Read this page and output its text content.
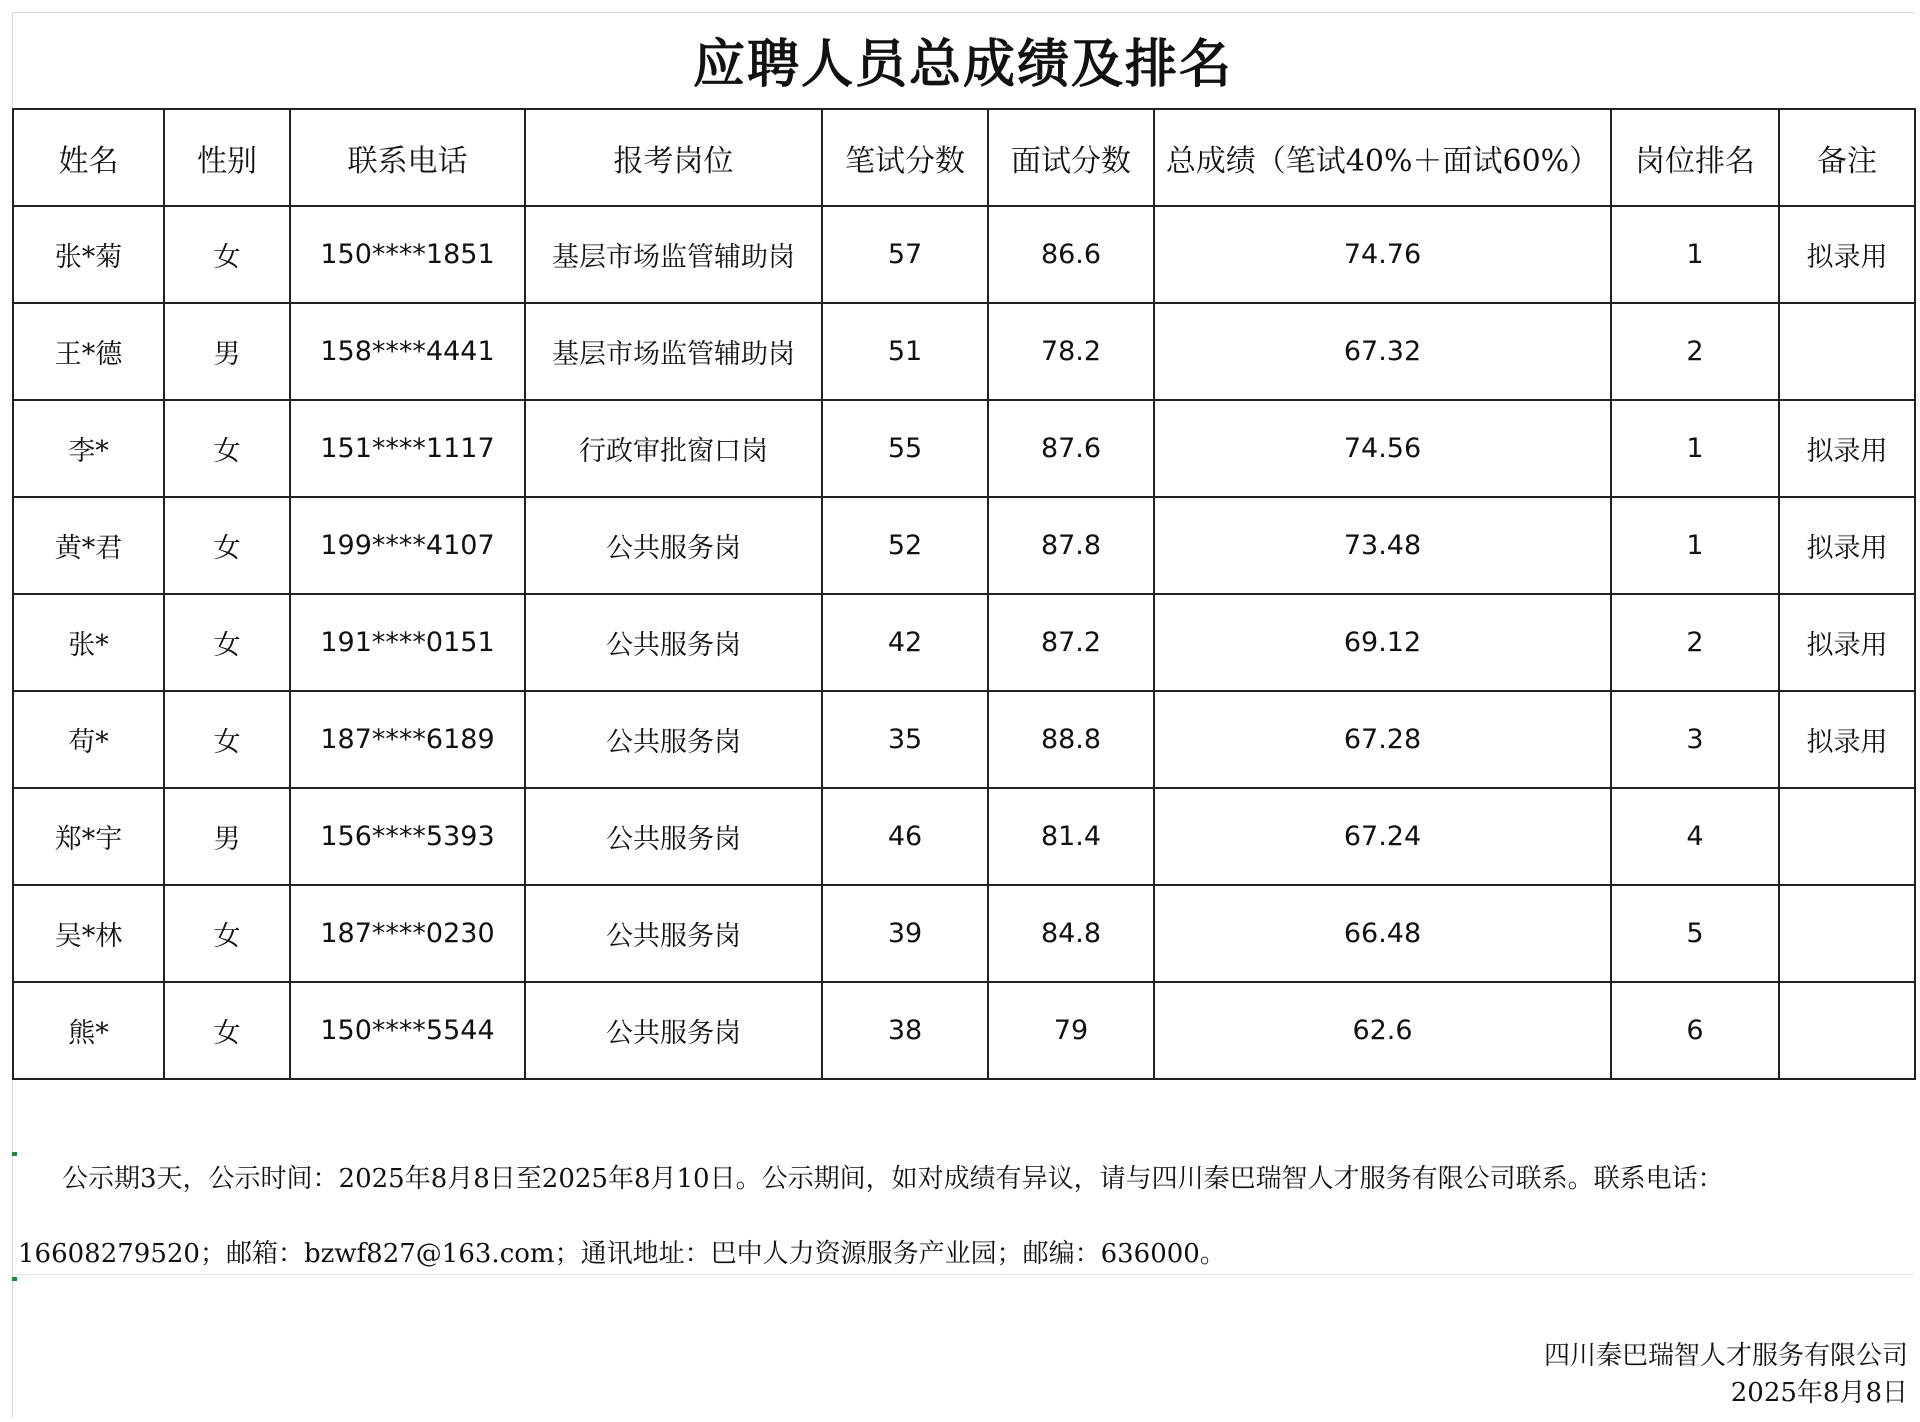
应聘人员总成绩及排名
姓名	性别	联系电话	报考岗位	笔试分数	面试分数	总成绩（笔试40%＋面试60%）	岗位排名	备注
张*菊	女	150****1851	基层市场监管辅助岗	57	86.6	74.76	1	拟录用
王*德	男	158****4441	基层市场监管辅助岗	51	78.2	67.32	2	
李*	女	151****1117	行政审批窗口岗	55	87.6	74.56	1	拟录用
黄*君	女	199****4107	公共服务岗	52	87.8	73.48	1	拟录用
张*	女	191****0151	公共服务岗	42	87.2	69.12	2	拟录用
苟*	女	187****6189	公共服务岗	35	88.8	67.28	3	拟录用
郑*宇	男	156****5393	公共服务岗	46	81.4	67.24	4	
吴*林	女	187****0230	公共服务岗	39	84.8	66.48	5	
熊*	女	150****5544	公共服务岗	38	79	62.6	6	
公示期3天，公示时间：2025年8月8日至2025年8月10日。公示期间，如对成绩有异议，请与四川秦巴瑞智人才服务有限公司联系。联系电话：
16608279520；邮箱：bzwf827@163.com；通讯地址：巴中人力资源服务产业园；邮编：636000。
四川秦巴瑞智人才服务有限公司
2025年8月8日
